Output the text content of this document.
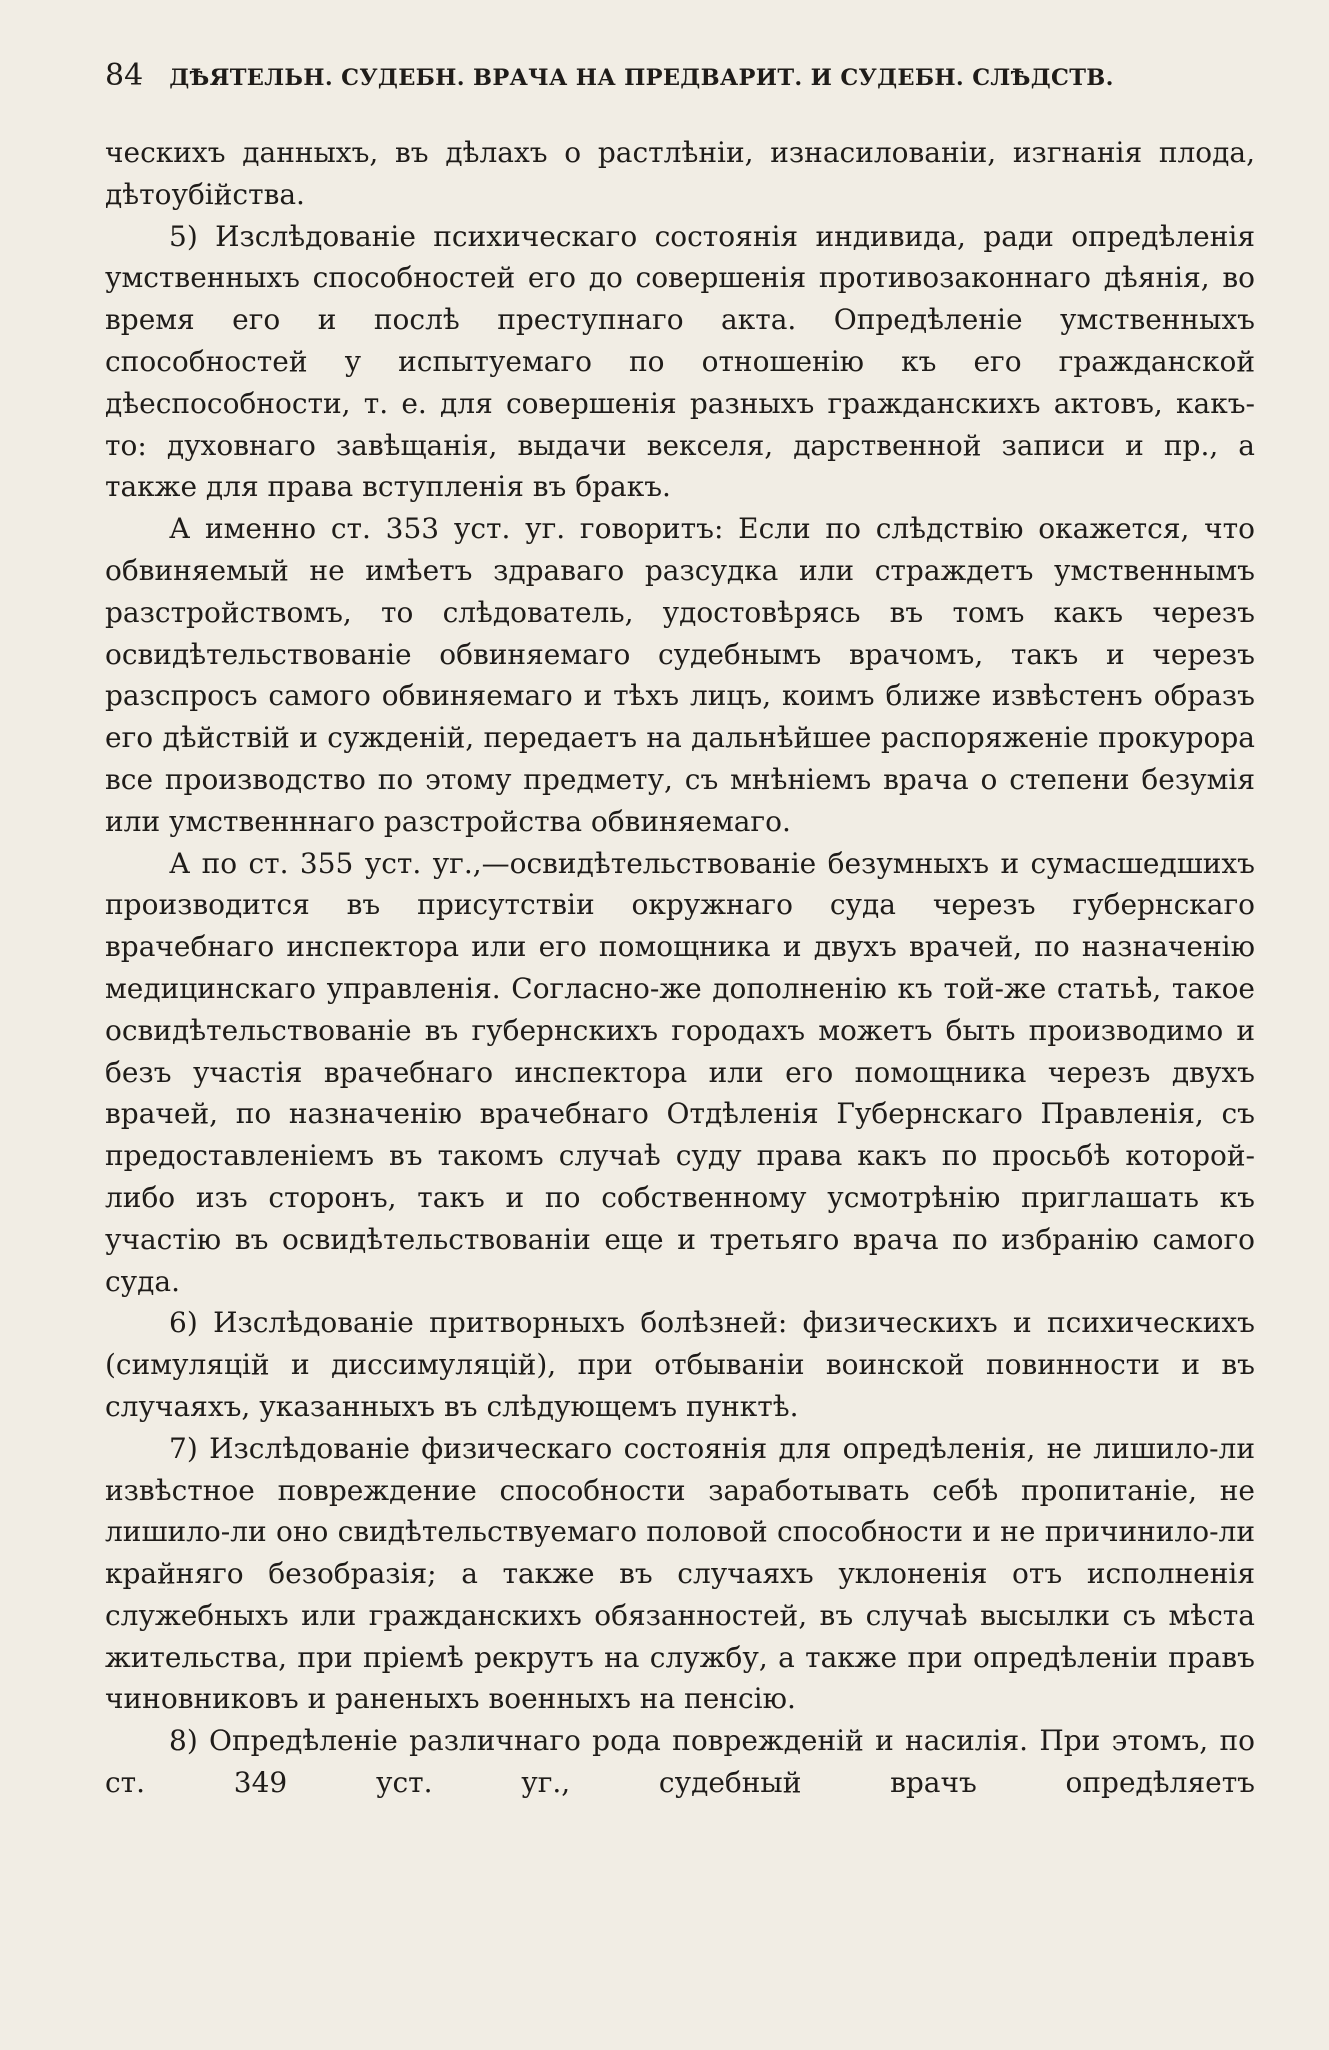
84 ДѢЯТЕЛЬН. СУДЕБН. ВРАЧА НА ПРЕДВАРИТ. И СУДЕБН. СЛѢДСТВ.

ческихъ данныхъ, въ дѣлахъ о растлѣніи, изнасилованіи, изгнанія плода, дѣтоубійства.

5) Изслѣдованіе психическаго состоянія индивида, ради опредѣленія умственныхъ способностей его до совершенія противозаконнаго дѣянія, во время его и послѣ преступнаго акта. Опредѣленіе умственныхъ способностей у испытуемаго по отношенію къ его гражданской дѣеспособности, т. е. для совершенія разныхъ гражданскихъ актовъ, какъ-то: духовнаго завѣщанія, выдачи векселя, дарственной записи и пр., а также для права вступленія въ бракъ.

А именно ст. 353 уст. уг. говоритъ: Если по слѣдствію окажется, что обвиняемый не имѣетъ здраваго разсудка или страждетъ умственнымъ разстройствомъ, то слѣдователь, удостовѣрясь въ томъ какъ черезъ освидѣтельствованіе обвиняемаго судебнымъ врачомъ, такъ и черезъ разспросъ самого обвиняемаго и тѣхъ лицъ, коимъ ближе извѣстенъ образъ его дѣйствій и сужденій, передаетъ на дальнѣйшее распоряженіе прокурора все производство по этому предмету, съ мнѣніемъ врача о степени безумія или умственннаго разстройства обвиняемаго.

А по ст. 355 уст. уг.,—освидѣтельствованіе безумныхъ и сумасшедшихъ производится въ присутствіи окружнаго суда черезъ губернскаго врачебнаго инспектора или его помощника и двухъ врачей, по назначенію медицинскаго управленія. Согласно-же дополненію къ той-же статьѣ, такое освидѣтельствованіе въ губернскихъ городахъ можетъ быть производимо и безъ участія врачебнаго инспектора или его помощника черезъ двухъ врачей, по назначенію врачебнаго Отдѣленія Губернскаго Правленія, съ предоставленіемъ въ такомъ случаѣ суду права какъ по просьбѣ которой-либо изъ сторонъ, такъ и по собственному усмотрѣнію приглашать къ участію въ освидѣтельствованіи еще и третьяго врача по избранію самого суда.

6) Изслѣдованіе притворныхъ болѣзней: физическихъ и психическихъ (симуляцій и диссимуляцій), при отбываніи воинской повинности и въ случаяхъ, указанныхъ въ слѣдующемъ пунктѣ.

7) Изслѣдованіе физическаго состоянія для опредѣленія, не лишило-ли извѣстное повреждение способности заработывать себѣ пропитаніе, не лишило-ли оно свидѣтельствуемаго половой способности и не причинило-ли крайняго безобразія; а также въ случаяхъ уклоненія отъ исполненія служебныхъ или гражданскихъ обязанностей, въ случаѣ высылки съ мѣста жительства, при пріемѣ рекрутъ на службу, а также при опредѣленіи правъ чиновниковъ и раненыхъ военныхъ на пенсію.

8) Опредѣленіе различнаго рода поврежденій и насилія. При этомъ, по ст. 349 уст. уг., судебный врачъ опредѣляетъ
